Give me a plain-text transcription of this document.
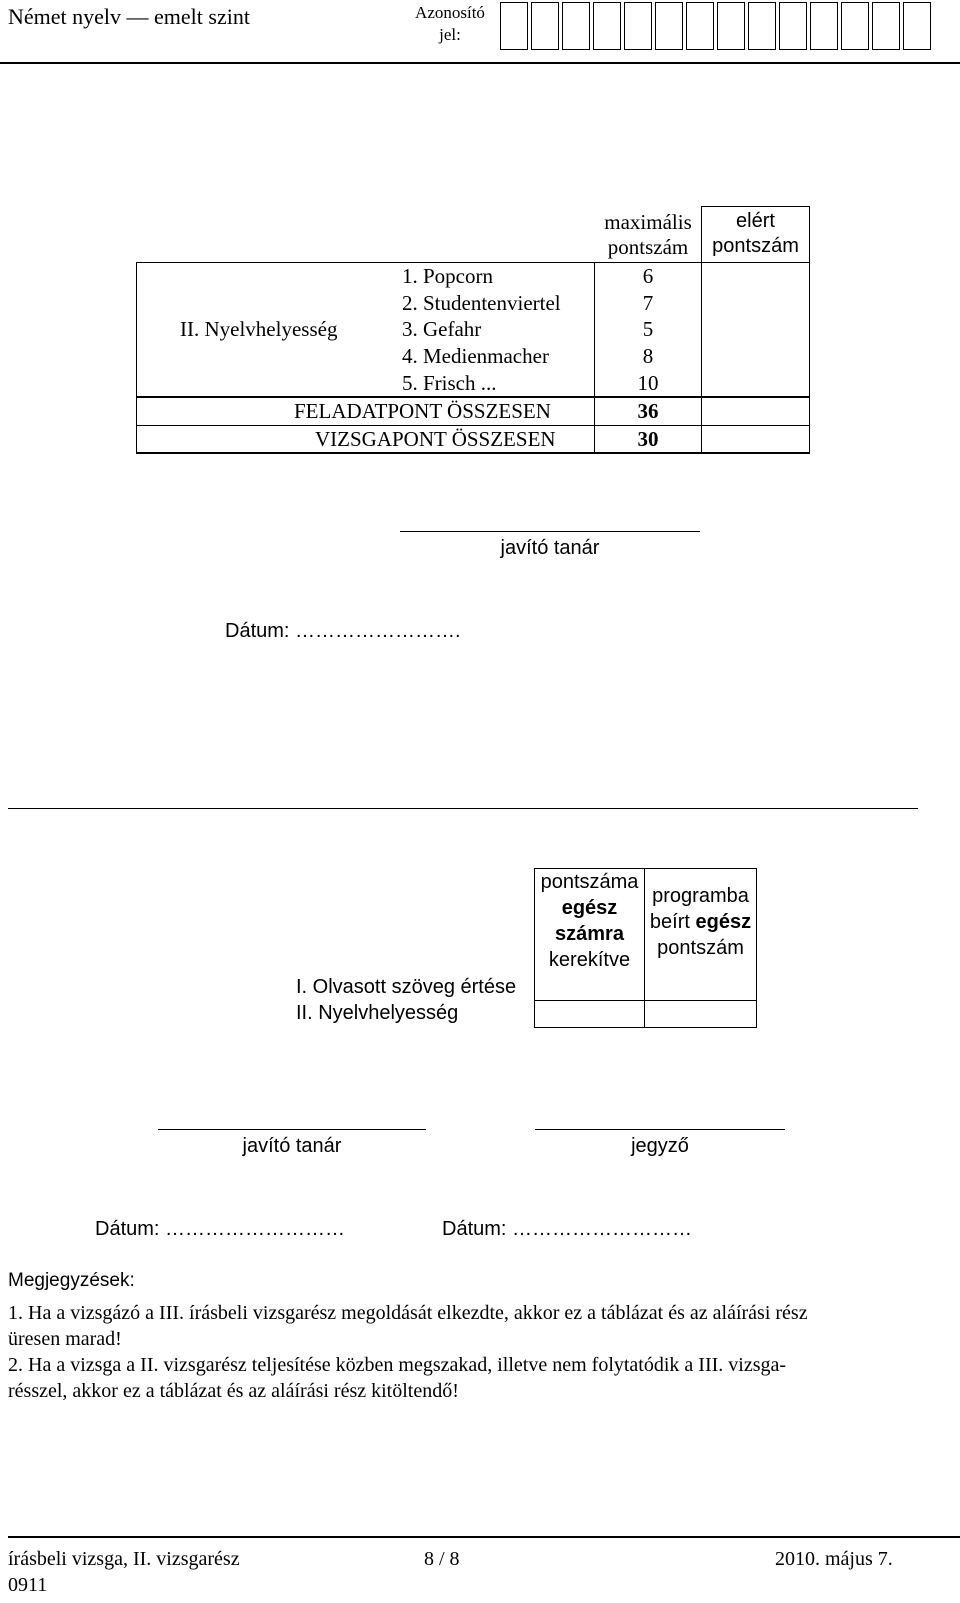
Német nyelv — emelt szint	Azonosító
jel:
maximális
pontszám
elért
pontszám
II. Nyelvhelyesség
1. Popcorn	6
2. Studentenviertel	7
3. Gefahr	5
4. Medienmacher	8
5. Frisch ...	10
FELADATPONT ÖSSZESEN	36
VIZSGAPONT ÖSSZESEN	30
javító tanár
Dátum: …………………….
pontszáma
egész
számra
kerekítve
programba
beírt egész
pontszám
I. Olvasott szöveg értése
II. Nyelvhelyesség
javító tanár	jegyző
Dátum: ………………………	Dátum: ………………………
Megjegyzések:
1. Ha a vizsgázó a III. írásbeli vizsgarész megoldását elkezdte, akkor ez a táblázat és az aláírási rész
üresen marad!
2. Ha a vizsga a II. vizsgarész teljesítése közben megszakad, illetve nem folytatódik a III. vizsga-
résszel, akkor ez a táblázat és az aláírási rész kitöltendő!
írásbeli vizsga, II. vizsgarész	8 / 8	2010. május 7.
0911
